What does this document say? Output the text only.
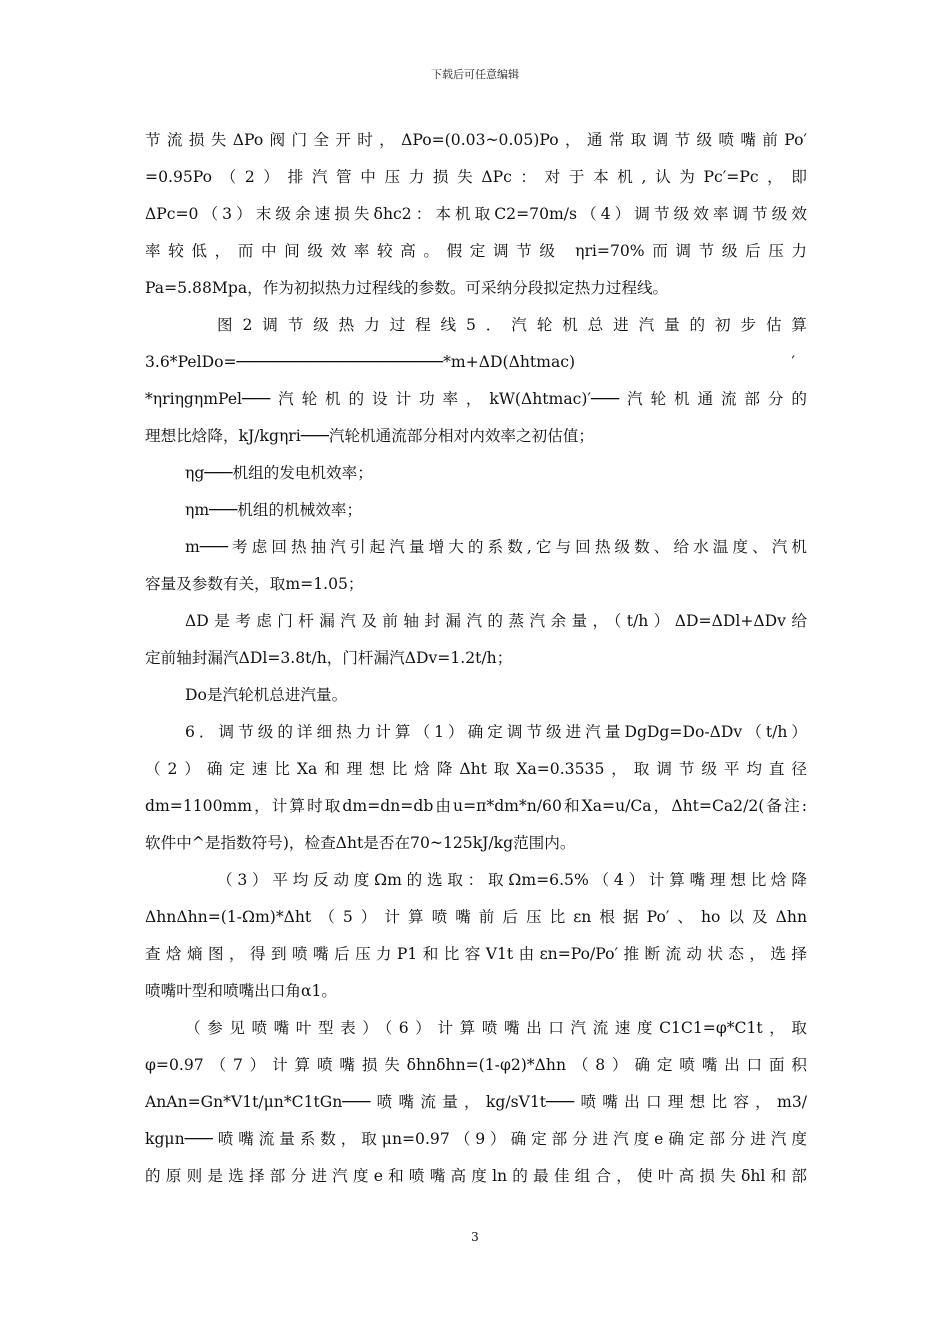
下载后可任意编辑
节流损失ΔPo阀门全开时，ΔPo=(0.03~0.05)Po，通常取调节级喷嘴前Po′
=0.95Po（2）排汽管中压力损失ΔPc：对于本机,认为Pc′=Pc，即
ΔPc=0（3）末级余速损失δhc2：本机取C2=70m/s（4）调节级效率调节级效
率较低，而中间级效率较高。假定调节级 ηri=70%而调节级后压力
Pa=5.88Mpa，作为初拟热力过程线的参数。可采纳分段拟定热力过程线。
图2调节级热力过程线5．汽轮机总进汽量的初步估算
3.6*PelDo=──────────────────────*m+ΔD(Δhtmac)	′
*ηriηgηmPel───汽轮机的设计功率，kW(Δhtmac)′───汽轮机通流部分的
理想比焓降，kJ/kgηri───汽轮机通流部分相对内效率之初估值；
ηg───机组的发电机效率；
ηm───机组的机械效率；
m───考虑回热抽汽引起汽量增大的系数,它与回热级数、给水温度、汽机
容量及参数有关，取m=1.05；
ΔD是考虑门杆漏汽及前轴封漏汽的蒸汽余量，（t/h）ΔD=ΔDl+ΔDv给
定前轴封漏汽ΔDl=3.8t/h，门杆漏汽ΔDv=1.2t/h；
Do是汽轮机总进汽量。
6．调节级的详细热力计算（1）确定调节级进汽量DgDg=Do-ΔDv（t/h）
（2）确定速比Xa和理想比焓降Δht取Xa=0.3535，取调节级平均直径
dm=1100mm，计算时取dm=dn=db由u=π*dm*n/60和Xa=u/Ca，Δht=Ca2/2(备注:
软件中^是指数符号)，检查Δht是否在70~125kJ/kg范围内。
（3）平均反动度Ωm的选取：取Ωm=6.5%（4）计算嘴理想比焓降
ΔhnΔhn=(1-Ωm)*Δht（5）计算喷嘴前后压比εn根据Po′、ho以及Δhn
查焓熵图，得到喷嘴后压力P1和比容V1t由εn=Po/Po′推断流动状态，选择
喷嘴叶型和喷嘴出口角α1。
（参见喷嘴叶型表）（6）计算喷嘴出口汽流速度C1C1=φ*C1t，取
φ=0.97（7）计算喷嘴损失δhnδhn=(1-φ2)*Δhn（8）确定喷嘴出口面积
AnAn=Gn*V1t/μn*C1tGn───喷嘴流量，kg/sV1t───喷嘴出口理想比容，m3/
kgμn───喷嘴流量系数，取μn=0.97（9）确定部分进汽度e确定部分进汽度
的原则是选择部分进汽度e和喷嘴高度ln的最佳组合，使叶高损失δhl和部
3
